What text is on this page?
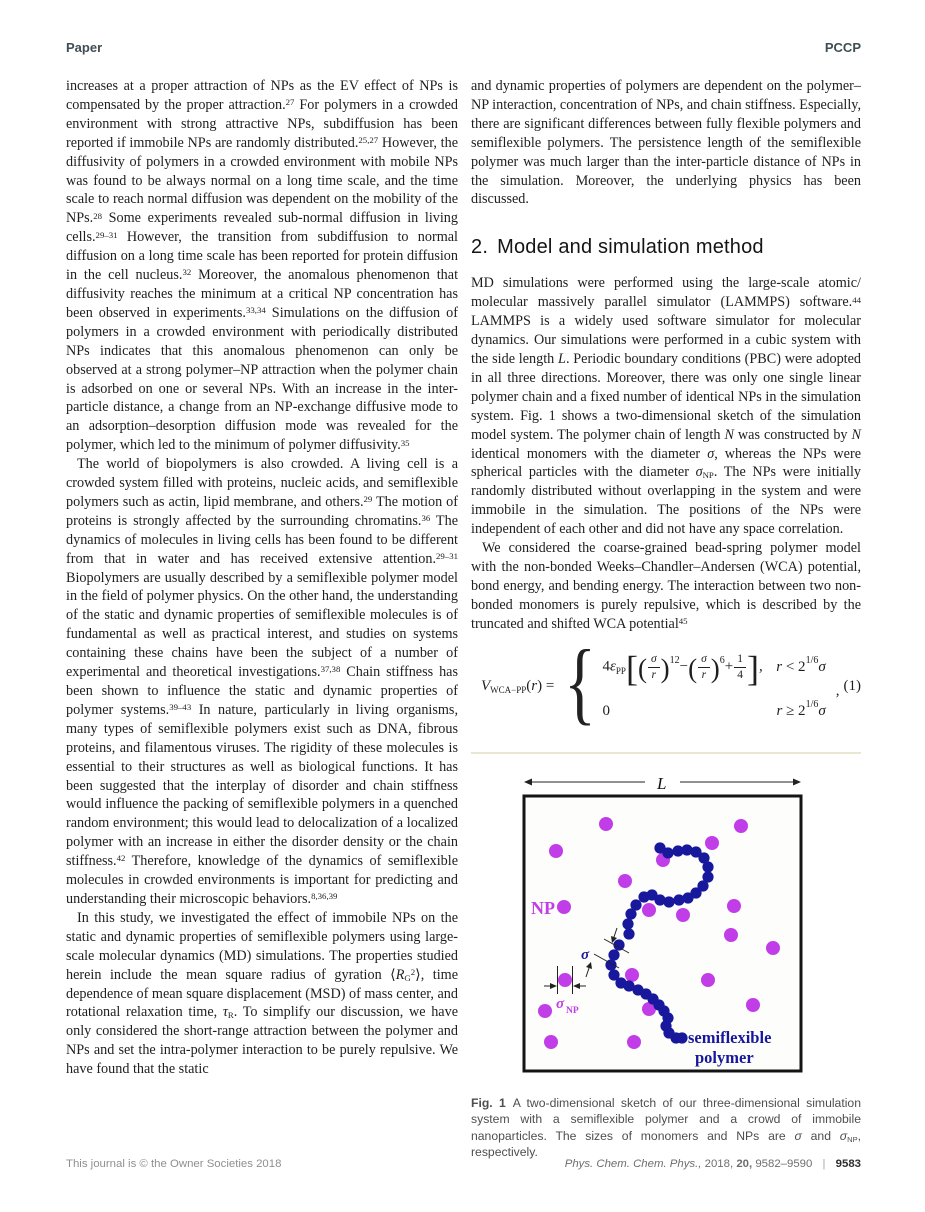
Paper	PCCP

increases at a proper attraction of NPs as the EV effect of NPs is compensated by the proper attraction.$^{27}$ For polymers in a crowded environment with strong attractive NPs, subdiffusion has been reported if immobile NPs are randomly distributed.$^{25,27}$ However, the diffusivity of polymers in a crowded environment with mobile NPs was found to be always normal on a long time scale, and the time scale to reach normal diffusion was dependent on the mobility of the NPs.$^{28}$ Some experiments revealed sub-normal diffusion in living cells.$^{29-31}$ However, the transition from subdiffusion to normal diffusion on a long time scale has been reported for protein diffusion in the cell nucleus.$^{32}$ Moreover, the anomalous phenomenon that diffusivity reaches the minimum at a critical NP concentration has been observed in experiments.$^{33,34}$ Simulations on the diffusion of polymers in a crowded environment with periodically distributed NPs indicates that this anomalous phenomenon can only be observed at a strong polymer–NP attraction when the polymer chain is adsorbed on one or several NPs. With an increase in the inter-particle distance, a change from an NP-exchange diffusive mode to an adsorption–desorption diffusion mode was revealed for the polymer, which led to the minimum of polymer diffusivity.$^{35}$

The world of biopolymers is also crowded. A living cell is a crowded system filled with proteins, nucleic acids, and semiflexible polymers such as actin, lipid membrane, and others.$^{29}$ The motion of proteins is strongly affected by the surrounding chromatins.$^{36}$ The dynamics of molecules in living cells has been found to be different from that in water and has received extensive attention.$^{29-31}$ Biopolymers are usually described by a semiflexible polymer model in the field of polymer physics. On the other hand, the understanding of the static and dynamic properties of semiflexible molecules is of fundamental as well as practical interest, and studies on systems containing these chains have been the subject of a number of experimental and theoretical investigations.$^{37,38}$ Chain stiffness has been shown to influence the static and dynamic properties of polymer systems.$^{39-43}$ In nature, particularly in living organisms, many types of semiflexible polymers exist such as DNA, fibrous proteins, and filamentous viruses. The rigidity of these molecules is essential to their structures as well as biological functions. It has been suggested that the interplay of disorder and chain stiffness would influence the packing of semiflexible polymers in a quenched random environment; this would lead to delocalization of a localized polymer with an increase in either the disorder density or the chain stiffness.$^{42}$ Therefore, knowledge of the dynamics of semiflexible molecules in crowded environments is important for predicting and understanding their microscopic behaviors.$^{8,36,39}$

In this study, we investigated the effect of immobile NPs on the static and dynamic properties of semiflexible polymers using large-scale molecular dynamics (MD) simulations. The properties studied herein include the mean square radius of gyration $⟨RG^2⟩$, time dependence of mean square displacement (MSD) of mass center, and rotational relaxation time, τR. To simplify our discussion, we have only considered the short-range attraction between the polymer and NPs and set the intra-polymer interaction to be purely repulsive. We have found that the static

and dynamic properties of polymers are dependent on the polymer–NP interaction, concentration of NPs, and chain stiffness. Especially, there are significant differences between fully flexible polymers and semiflexible polymers. The persistence length of the semiflexible polymer was much larger than the inter-particle distance of NPs in the simulation. Moreover, the underlying physics has been discussed.

2. Model and simulation method

MD simulations were performed using the large-scale atomic/ molecular massively parallel simulator (LAMMPS) software.$^{44}$ LAMMPS is a widely used software simulator for molecular dynamics. Our simulations were performed in a cubic system with the side length L. Periodic boundary conditions (PBC) were adopted in all three directions. Moreover, there was only one single linear polymer chain and a fixed number of identical NPs in the simulation system. Fig. 1 shows a two-dimensional sketch of the simulation model system. The polymer chain of length N was constructed by N identical monomers with the diameter σ, whereas the NPs were spherical particles with the diameter σNP. The NPs were initially randomly distributed without overlapping in the system and were immobile in the simulation. The positions of the NPs were independent of each other and did not have any space correlation.

We considered the coarse-grained bead-spring polymer model with the non-bonded Weeks–Chandler–Andersen (WCA) potential, bond energy, and bending energy. The interaction between two non-bonded monomers is purely repulsive, which is described by the truncated and shifted WCA potential$^{45}$

$V_{WCA-PP}(r)$ = { $4\varepsilon_{PP}[( \frac{\sigma}{r} )^{12}-( \frac{\sigma}{r} )^6+ \frac{1}{4}$ ], $r < 2^{1/6}\sigma$
0	$r \ge 2^{1/6}\sigma$
, (1)
L
σ
σ NP
NP
semiflexible
polymer

Fig. 1 A two-dimensional sketch of our three-dimensional simulation system with a semiflexible polymer and a crowd of immobile nanoparticles. The sizes of monomers and NPs are σ and σNP, respectively.

This journal is © the Owner Societies 2018	Phys. Chem. Chem. Phys., 2018, 20, 9582–9590 | 9583
